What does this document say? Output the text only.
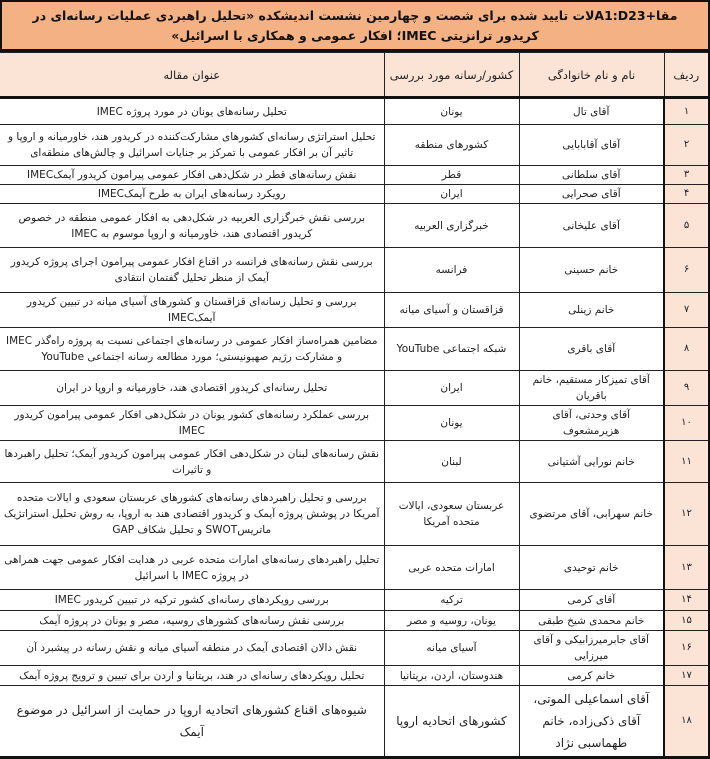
مقا+A1:D23لات تایید شده برای شصت و چهارمین نشست اندیشکده «تحلیل راهبردی عملیات رسانه‌ای در کریدور ترانزیتی IMEC؛ افکار عمومی و همکاری با اسرائیل»
ردیف	نام و نام خانوادگی	کشور/رسانه مورد بررسی	عنوان مقاله
۱	آقای تال	یونان	تحلیل رسانه‌های یونان در مورد پروژه IMEC
۲	آقای آقابابایی	کشورهای منطقه	تحلیل استراتژی رسانه‌ای کشورهای مشارکت‌کننده در کریدور هند، خاورمیانه و اروپا و تاثیر آن بر افکار عمومی با تمرکز بر جنایات اسرائیل و چالش‌های منطقه‌ای
۳	آقای سلطانی	قطر	نقش رسانه‌های قطر در شکل‌دهی افکار عمومی پیرامون کریدور آیمکIMEC
۴	آقای صحرایی	ایران	رویکرد رسانه‌های ایران به طرح آیمکIMEC
۵	آقای علیخانی	خبرگزاری العربیه	بررسی نقش خبرگزاری العربیه در شکل‌دهی به افکار عمومی منطقه در خصوص کریدور اقتصادی هند، خاورمیانه و اروپا موسوم به IMEC
۶	خانم حسینی	فرانسه	بررسی نقش رسانه‌های فرانسه در اقناع افکار عمومی پیرامون اجرای پروژه کریدور آیمک از منظر تحلیل گفتمان انتقادی
۷	خانم زینلی	قزاقستان و آسیای میانه	بررسی و تحلیل رسانه‌ای قزاقستان و کشورهای آسیای میانه در تبیین کریدور آیمکIMEC
۸	آقای باقری	شبکه اجتماعی YouTube	مضامین همراه‌ساز افکار عمومی در رسانه‌های اجتماعی نسبت به پروژه راه‌گذر IMEC و مشارکت رژیم صهیونیستی؛ مورد مطالعه رسانه اجتماعی YouTube
۹	آقای تمیزکار مستقیم، خانم باقریان	ایران	تحلیل رسانه‌ای کریدور اقتصادی هند، خاورمیانه و اروپا در ایران
۱۰	آقای وحدتی، آقای هزیرمشعوف	یونان	بررسی عملکرد رسانه‌های کشور یونان در شکل‌دهی افکار عمومی پیرامون کریدور IMEC
۱۱	خانم نورایی آشتیانی	لبنان	نقش رسانه‌های لبنان در شکل‌دهی افکار عمومی پیرامون کریدور آیمک؛ تحلیل راهبردها و تاثیرات
۱۲	خانم سهرابی، آقای مرتضوی	عربستان سعودی، ایالات متحده آمریکا	بررسی و تحلیل راهبردهای رسانه‌های کشورهای عربستان سعودی و ایالات متحده آمریکا در پوشش پروژه آیمک و کریدور اقتصادی هند به اروپا، به روش تحلیل استراتژیک ماتریسSWOT و تحلیل شکاف GAP
۱۳	خانم توحیدی	امارات متحده عربی	تحلیل راهبردهای رسانه‌های امارات متحده عربی در هدایت افکار عمومی جهت همراهی در پروژه IMEC با اسرائیل
۱۴	آقای کرمی	ترکیه	بررسی رویکردهای رسانه‌ای کشور ترکیه در تبیین کریدور IMEC
۱۵	خانم محمدی شیخ طبقی	یونان، روسیه و مصر	بررسی نقش رسانه‌های کشورهای روسیه، مصر و یونان در پروژه آیمک
۱۶	آقای جابرمیرزابیکی و آقای میرزایی	آسیای میانه	نقش دالان اقتصادی آیمک در منطقه آسیای میانه و نقش رسانه در پیشبرد آن
۱۷	خانم کرمی	هندوستان، اردن، بریتانیا	تحلیل رویکردهای رسانه‌ای در هند، بریتانیا و اردن برای تبیین و ترویج پروژه آیمک
۱۸	آقای اسماعیلی الموتی، آقای ذکی‌زاده، خانم طهماسبی نژاد	کشورهای اتحادیه اروپا	شیوه‌های اقناع کشورهای اتحادیه اروپا در حمایت از اسرائیل در موضوع آیمک
